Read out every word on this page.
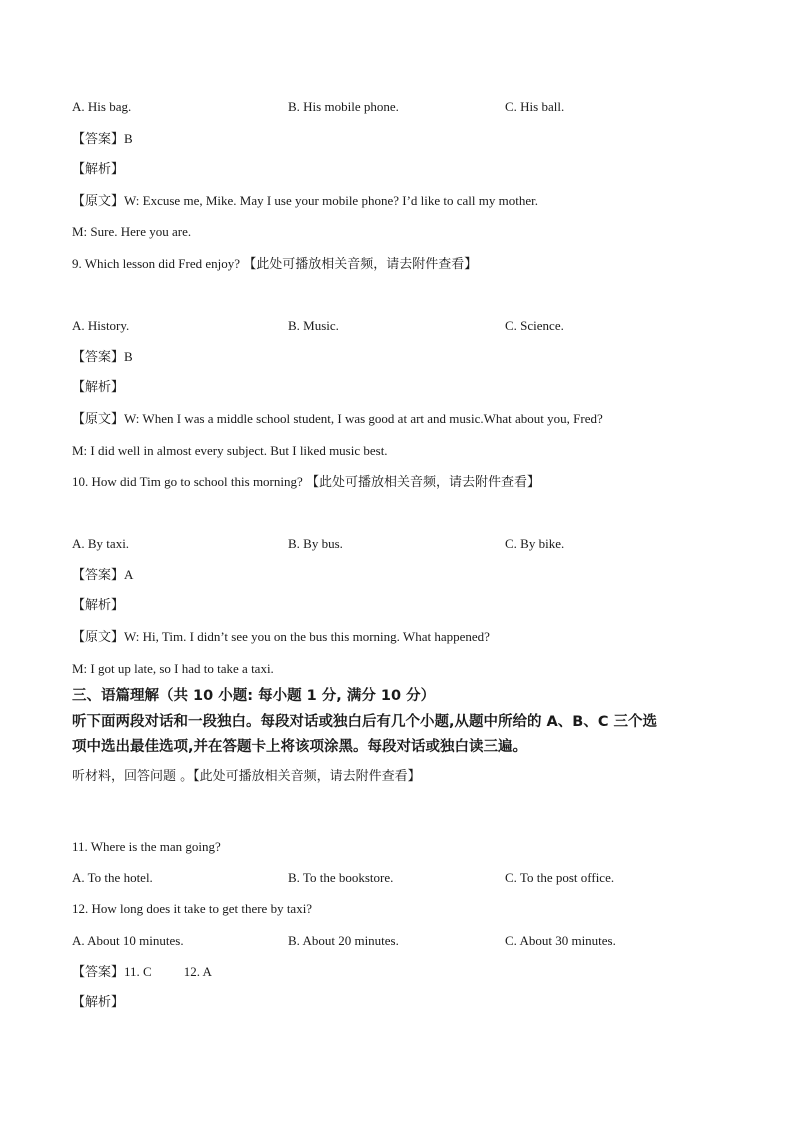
A. His bag.	B. His mobile phone.	C. His ball.
【答案】B
【解析】
【原文】W: Excuse me, Mike. May I use your mobile phone? I’d like to call my mother.
M: Sure. Here you are.
9. Which lesson did Fred enjoy? 【此处可播放相关音频，请去附件查看】
A. History.	B. Music.	C. Science.
【答案】B
【解析】
【原文】W: When I was a middle school student, I was good at art and music.What about you, Fred?
M: I did well in almost every subject. But I liked music best.
10. How did Tim go to school this morning? 【此处可播放相关音频，请去附件查看】
A. By taxi.	B. By bus.	C. By bike.
【答案】A
【解析】
【原文】W: Hi, Tim. I didn’t see you on the bus this morning. What happened?
M: I got up late, so I had to take a taxi.
三、语篇理解（共 10 小题: 每小题 1 分, 满分 10 分）
听下面两段对话和一段独白。每段对话或独白后有几个小题,从题中所给的 A、B、C 三个选
项中选出最佳选项,并在答题卡上将该项涂黑。每段对话或独白读三遍。
听材料，回答问题 。【此处可播放相关音频，请去附件查看】
11. Where is the man going?
A. To the hotel.	B. To the bookstore.	C. To the post office.
12. How long does it take to get there by taxi?
A. About 10 minutes.	B. About 20 minutes.	C. About 30 minutes.
【答案】11. C 12. A
【解析】
